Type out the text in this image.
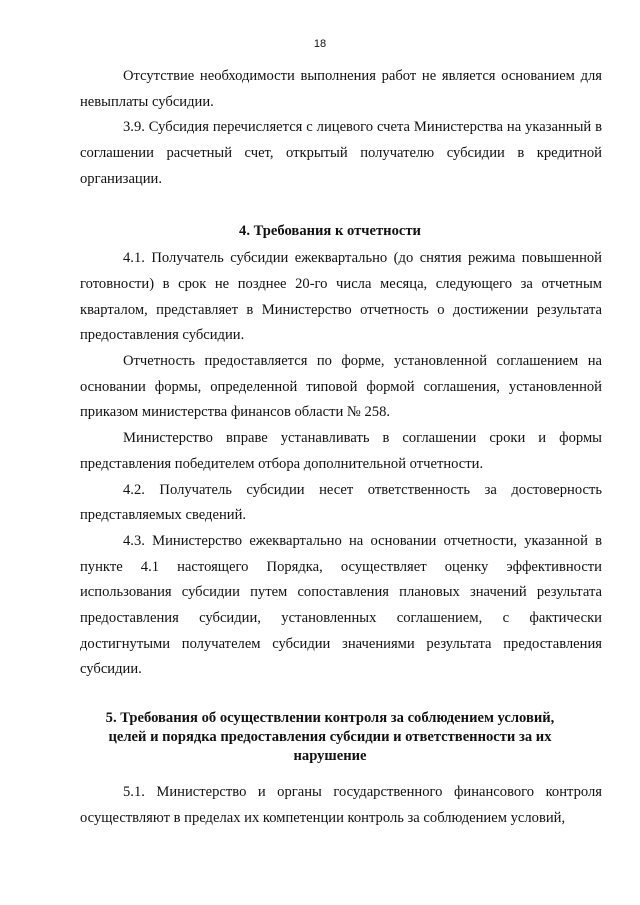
18

Отсутствие необходимости выполнения работ не является основанием для невыплаты субсидии.

3.9. Субсидия перечисляется с лицевого счета Министерства на указанный в соглашении расчетный счет, открытый получателю субсидии в кредитной организации.

4. Требования к отчетности

4.1. Получатель субсидии ежеквартально (до снятия режима повышенной готовности) в срок не позднее 20-го числа месяца, следующего за отчетным кварталом, представляет в Министерство отчетность о достижении результата предоставления субсидии.

Отчетность предоставляется по форме, установленной соглашением на основании формы, определенной типовой формой соглашения, установленной приказом министерства финансов области № 258.

Министерство вправе устанавливать в соглашении сроки и формы представления победителем отбора дополнительной отчетности.

4.2. Получатель субсидии несет ответственность за достоверность представляемых сведений.

4.3. Министерство ежеквартально на основании отчетности, указанной в пункте 4.1 настоящего Порядка, осуществляет оценку эффективности использования субсидии путем сопоставления плановых значений результата предоставления субсидии, установленных соглашением, с фактически достигнутыми получателем субсидии значениями результата предоставления субсидии.

5. Требования об осуществлении контроля за соблюдением условий,
целей и порядка предоставления субсидии и ответственности за их
нарушение

5.1. Министерство и органы государственного финансового контроля осуществляют в пределах их компетенции контроль за соблюдением условий,
